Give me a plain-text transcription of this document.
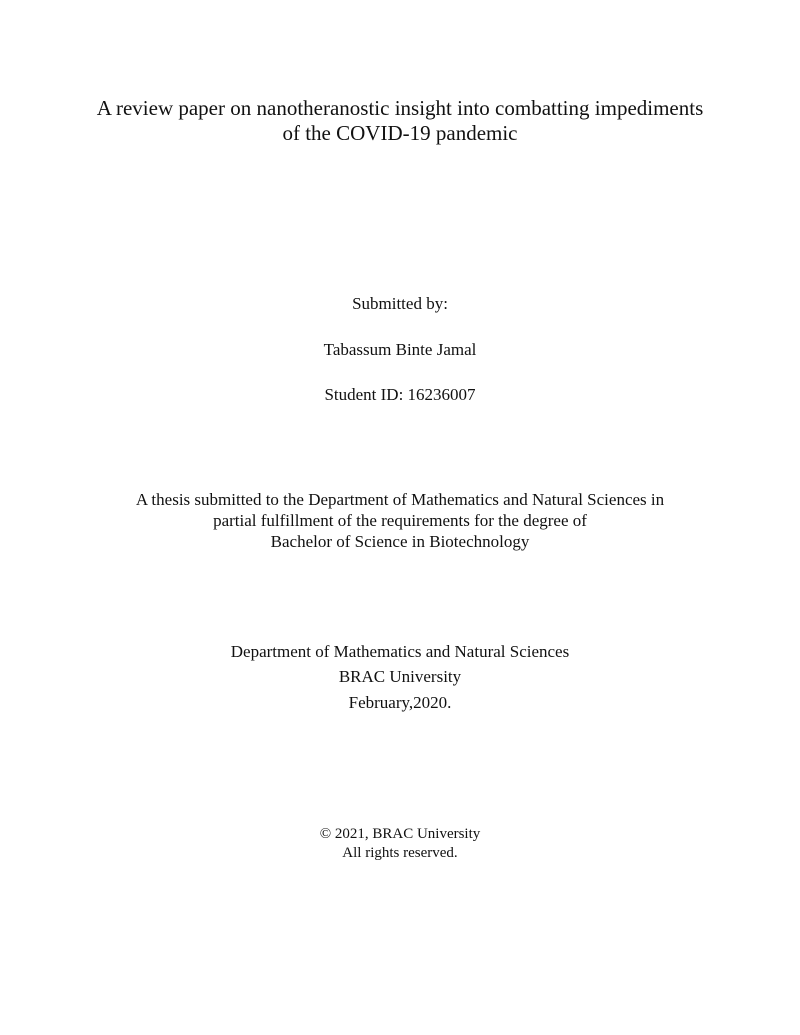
A review paper on nanotheranostic insight into combatting impediments
of the COVID-19 pandemic
Submitted by:
Tabassum Binte Jamal
Student ID: 16236007
A thesis submitted to the Department of Mathematics and Natural Sciences in
partial fulfillment of the requirements for the degree of
Bachelor of Science in Biotechnology
Department of Mathematics and Natural Sciences
BRAC University
February,2020.
© 2021, BRAC University
All rights reserved.
